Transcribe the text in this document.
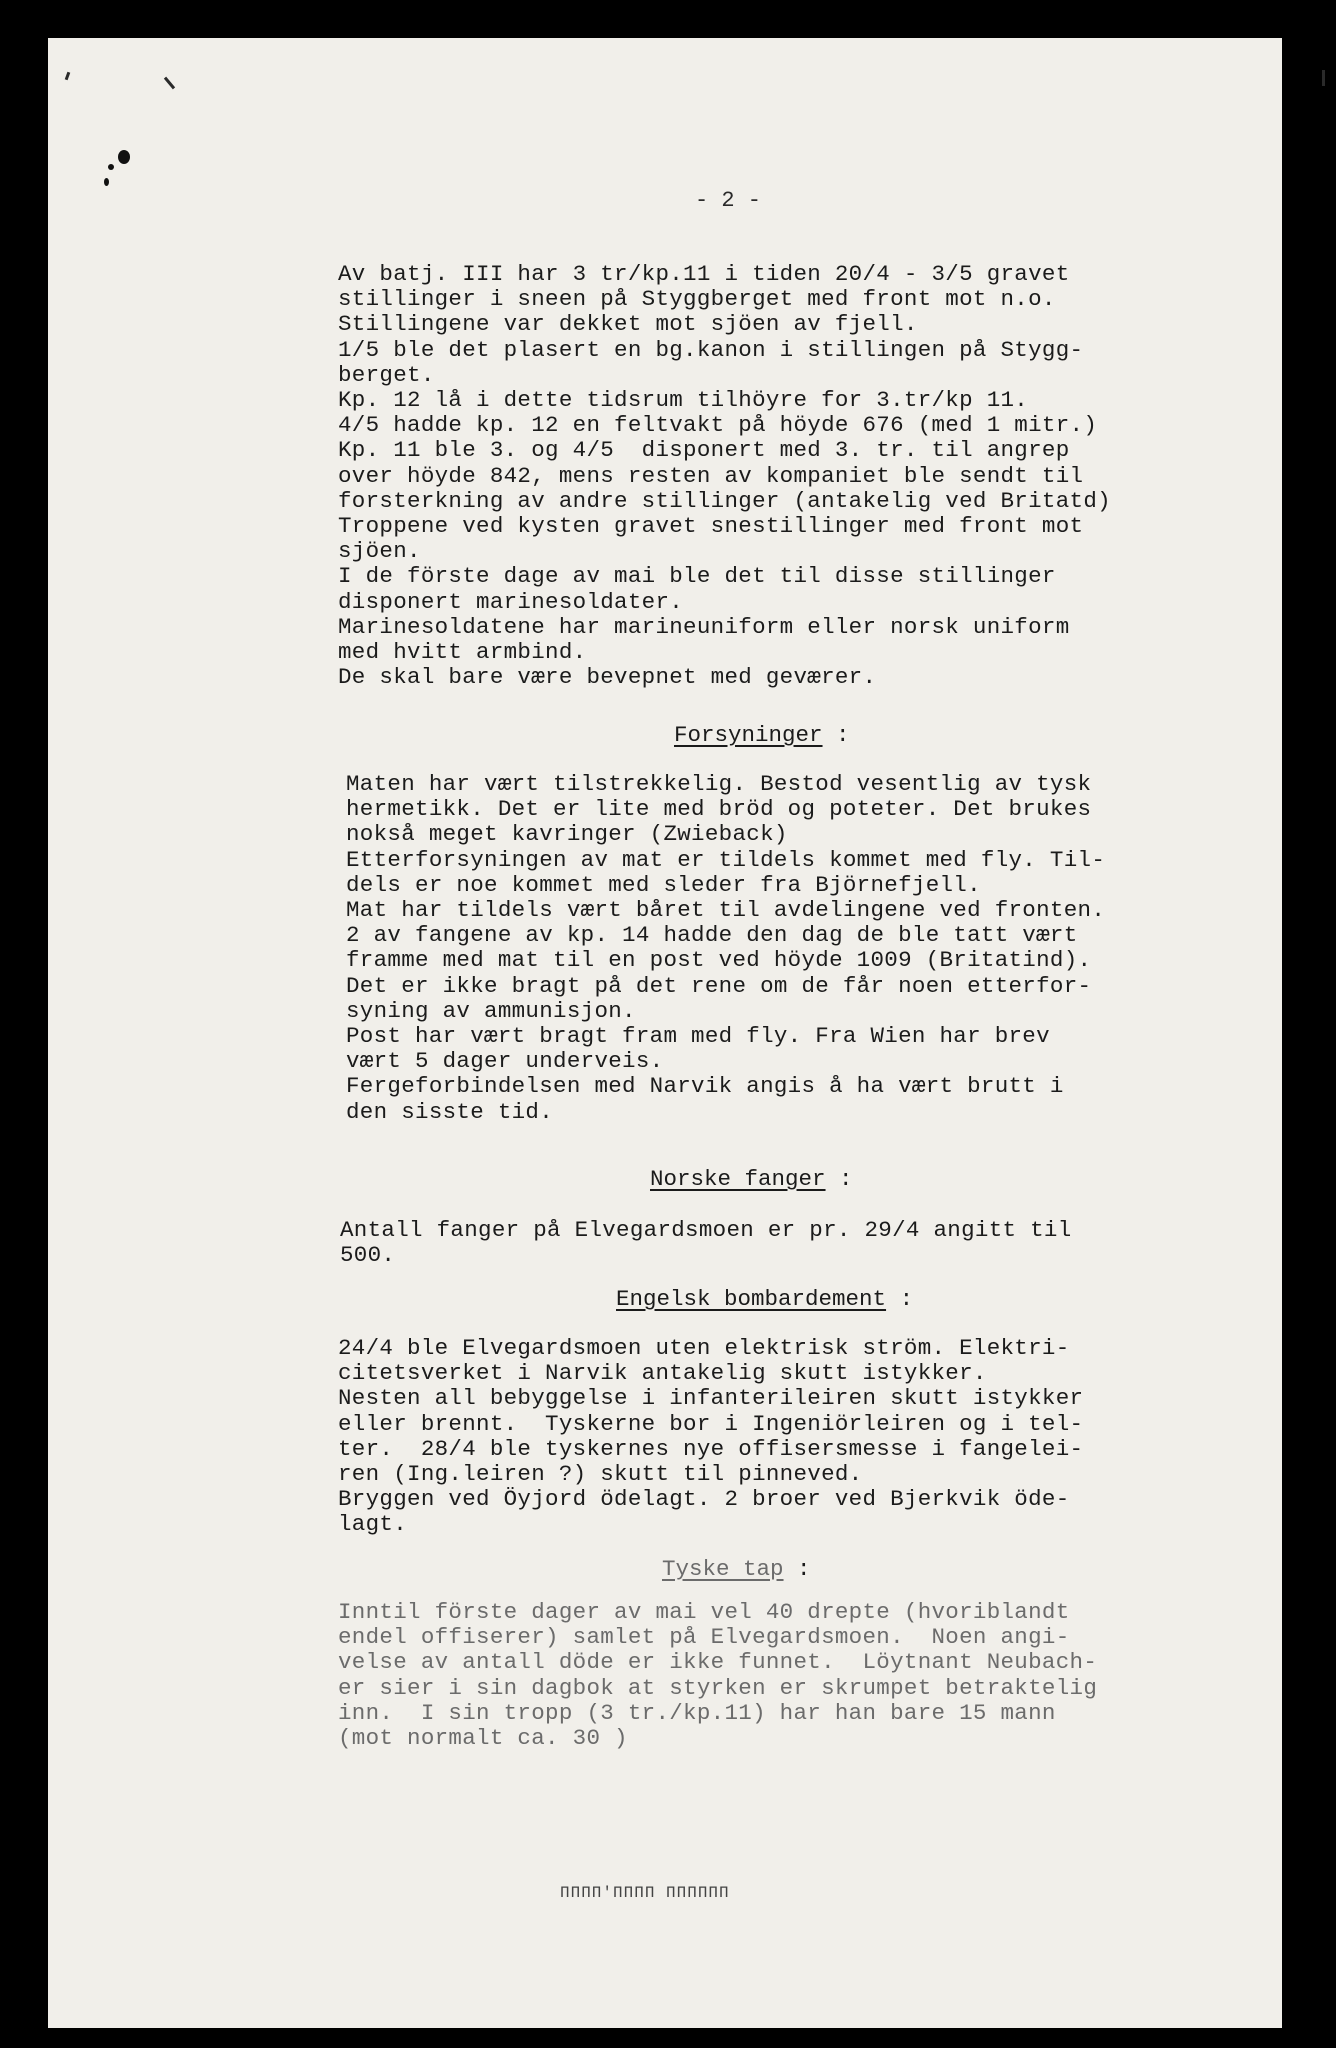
- 2 -
Av batj. III har 3 tr/kp.11 i tiden 20/4 - 3/5 gravet
stillinger i sneen på Styggberget med front mot n.o.
Stillingene var dekket mot sjöen av fjell.
1/5 ble det plasert en bg.kanon i stillingen på Stygg-
berget.
Kp. 12 lå i dette tidsrum tilhöyre for 3.tr/kp 11.
4/5 hadde kp. 12 en feltvakt på höyde 676 (med 1 mitr.)
Kp. 11 ble 3. og 4/5  disponert med 3. tr. til angrep
over höyde 842, mens resten av kompaniet ble sendt til
forsterkning av andre stillinger (antakelig ved Britatd)
Troppene ved kysten gravet snestillinger med front mot
sjöen.
I de förste dage av mai ble det til disse stillinger
disponert marinesoldater.
Marinesoldatene har marineuniform eller norsk uniform
med hvitt armbind.
De skal bare være bevepnet med geværer.
Forsyninger :
Maten har vært tilstrekkelig. Bestod vesentlig av tysk
hermetikk. Det er lite med bröd og poteter. Det brukes
nokså meget kavringer (Zwieback)
Etterforsyningen av mat er tildels kommet med fly. Til-
dels er noe kommet med sleder fra Björnefjell.
Mat har tildels vært båret til avdelingene ved fronten.
2 av fangene av kp. 14 hadde den dag de ble tatt vært
framme med mat til en post ved höyde 1009 (Britatind).
Det er ikke bragt på det rene om de får noen etterfor-
syning av ammunisjon.
Post har vært bragt fram med fly. Fra Wien har brev
vært 5 dager underveis.
Fergeforbindelsen med Narvik angis å ha vært brutt i
den sisste tid.
Norske fanger :
Antall fanger på Elvegardsmoen er pr. 29/4 angitt til
500.
Engelsk bombardement :
24/4 ble Elvegardsmoen uten elektrisk ström. Elektri-
citetsverket i Narvik antakelig skutt istykker.
Nesten all bebyggelse i infanterileiren skutt istykker
eller brennt.  Tyskerne bor i Ingeniörleiren og i tel-
ter.  28/4 ble tyskernes nye offisersmesse i fangelei-
ren (Ing.leiren ?) skutt til pinneved.
Bryggen ved Öyjord ödelagt. 2 broer ved Bjerkvik öde-
lagt.
Tyske tap :
Inntil förste dager av mai vel 40 drepte (hvoriblandt
endel offiserer) samlet på Elvegardsmoen.  Noen angi-
velse av antall döde er ikke funnet.  Löytnant Neubach-
er sier i sin dagbok at styrken er skrumpet betraktelig
inn.  I sin tropp (3 tr./kp.11) har han bare 15 mann
(mot normalt ca. 30 )
ΠΠΠΠ'ΠΠΠΠ ΠΠΠΠΠΠ
